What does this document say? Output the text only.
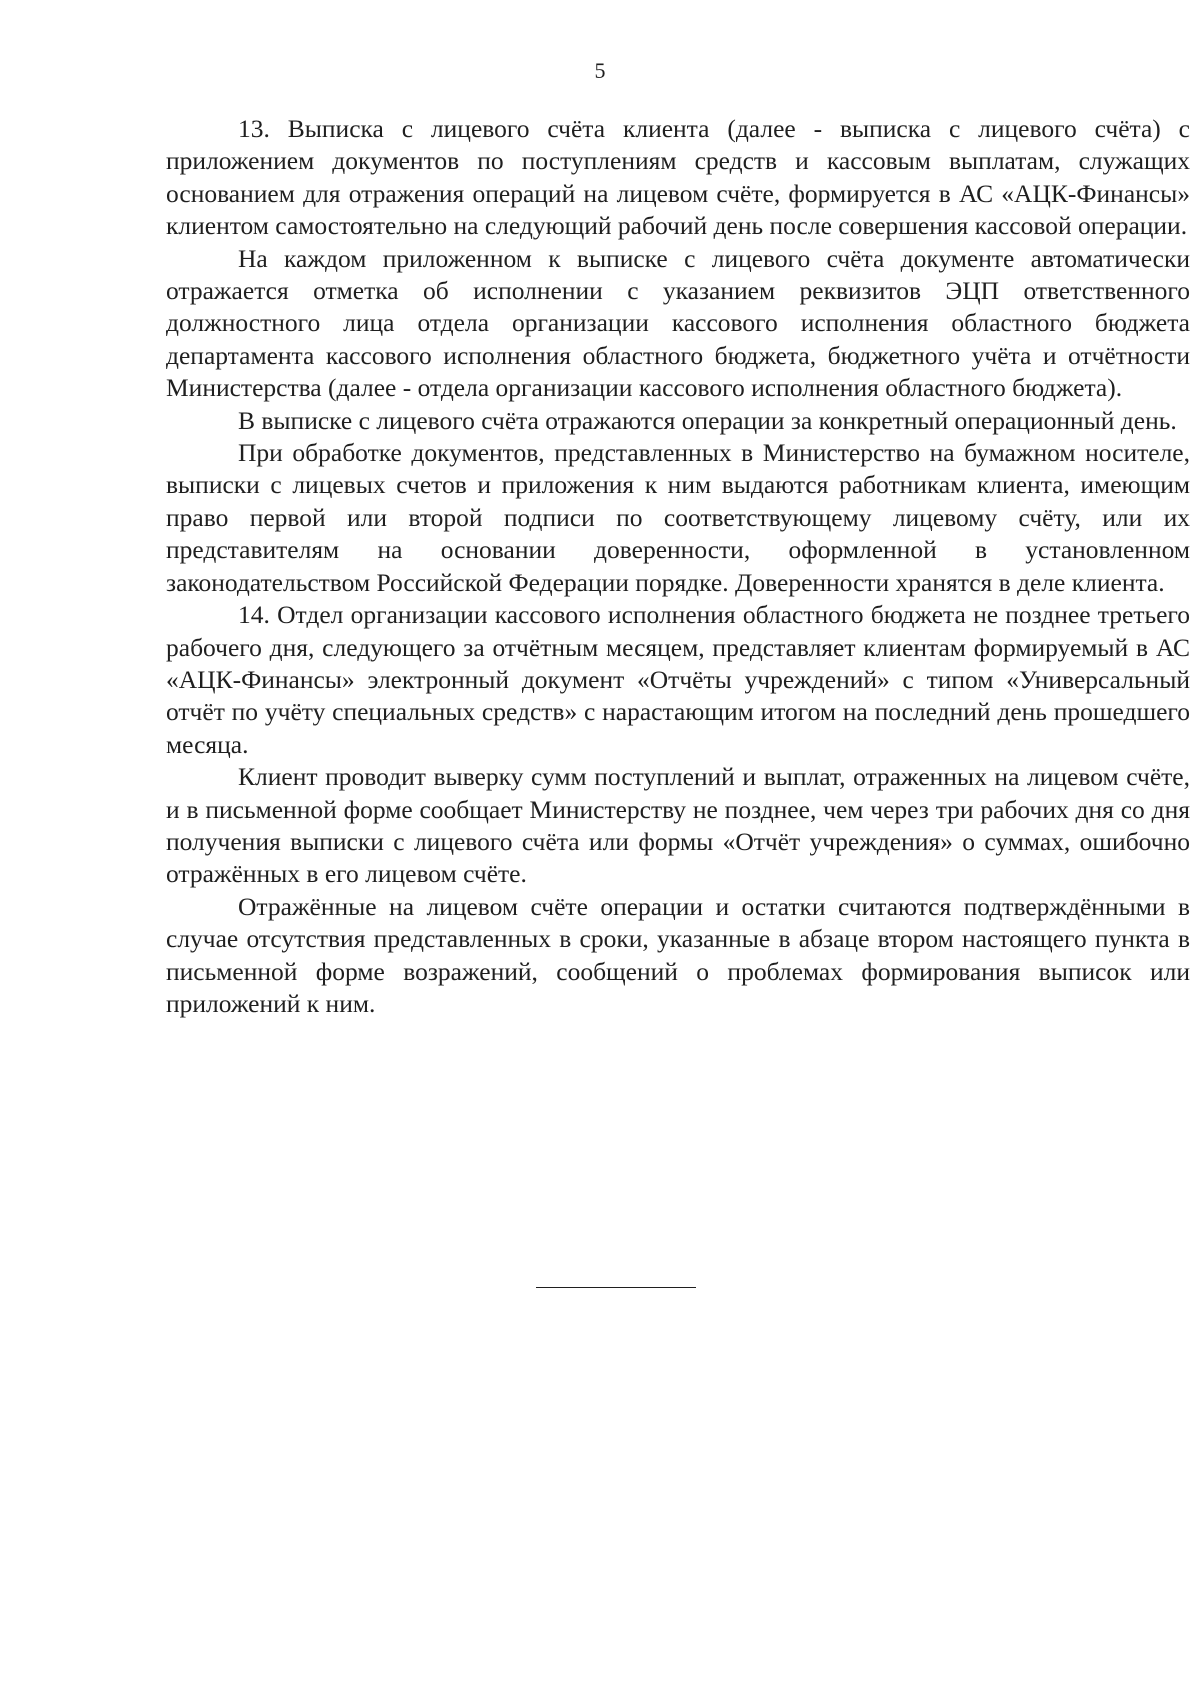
5

13. Выписка с лицевого счёта клиента (далее - выписка с лицевого счёта) с приложением документов по поступлениям средств и кассовым выплатам, служащих основанием для отражения операций на лицевом счёте, формируется в АС «АЦК-Финансы» клиентом самостоятельно на следующий рабочий день после совершения кассовой операции.

На каждом приложенном к выписке с лицевого счёта документе автоматически отражается отметка об исполнении с указанием реквизитов ЭЦП ответственного должностного лица отдела организации кассового исполнения областного бюджета департамента кассового исполнения областного бюджета, бюджетного учёта и отчётности Министерства (далее - отдела организации кассового исполнения областного бюджета).

В выписке с лицевого счёта отражаются операции за конкретный операционный день.

При обработке документов, представленных в Министерство на бумажном носителе, выписки с лицевых счетов и приложения к ним выдаются работникам клиента, имеющим право первой или второй подписи по соответствующему лицевому счёту, или их представителям на основании доверенности, оформленной в установленном законодательством Российской Федерации порядке. Доверенности хранятся в деле клиента.

14. Отдел организации кассового исполнения областного бюджета не позднее третьего рабочего дня, следующего за отчётным месяцем, представляет клиентам формируемый в АС «АЦК-Финансы» электронный документ «Отчёты учреждений» с типом «Универсальный отчёт по учёту специальных средств» с нарастающим итогом на последний день прошедшего месяца.

Клиент проводит выверку сумм поступлений и выплат, отраженных на лицевом счёте, и в письменной форме сообщает Министерству не позднее, чем через три рабочих дня со дня получения выписки с лицевого счёта или формы «Отчёт учреждения» о суммах, ошибочно отражённых в его лицевом счёте.

Отражённые на лицевом счёте операции и остатки считаются подтверждёнными в случае отсутствия представленных в сроки, указанные в абзаце втором настоящего пункта в письменной форме возражений, сообщений о проблемах формирования выписок или приложений к ним.
